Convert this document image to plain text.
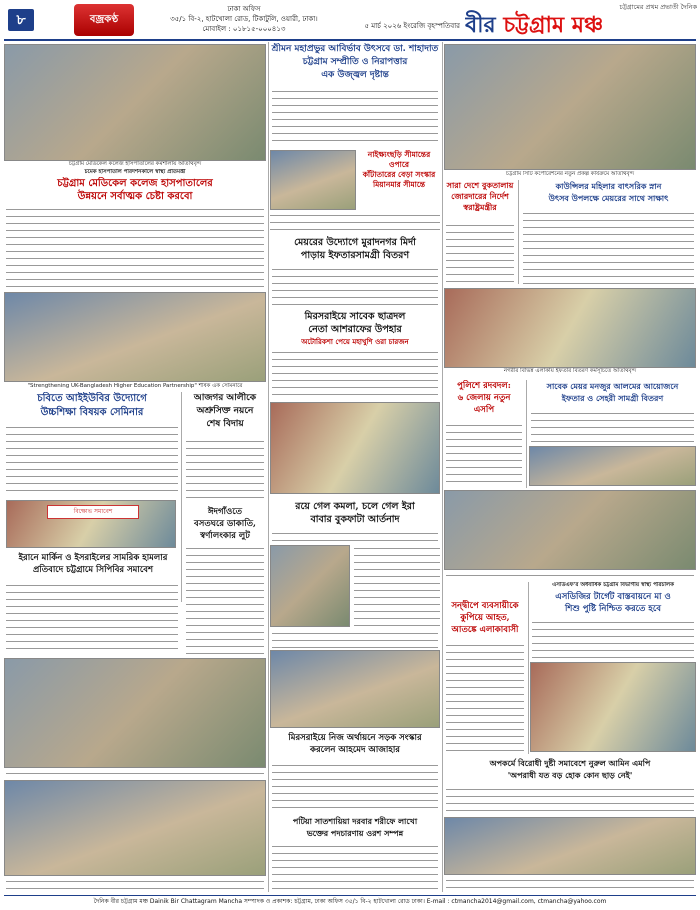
৮	বজ্রকণ্ঠ
ঢাকা অফিস
৩৫/১ বি-২, হাটখোলা রোড, টিকাটুলি, ওয়ারী, ঢাকা।
মোবাইল : ০১৮১৫-০০০৪১৩	৫ মার্চ ২০২৬ ইংরেজি বৃহস্পতিবার
চট্টগ্রামের প্রথম প্রভাতী দৈনিক
বীর চট্টগ্রাম মঞ্চ
চট্টগ্রাম মেডিকেল কলেজ হাসপাতালের কর্মশালায় অতিথিবৃন্দ
চমেক হাসপাতাল পরিদর্শনকালে স্বাস্থ্য প্রতিমন্ত্রী
চট্টগ্রাম মেডিকেল কলেজ হাসপাতালের
উন্নয়নে সর্বাত্মক চেষ্টা করবো
"Strengthening UK-Bangladesh Higher Education Partnership" শীর্ষক এক সেমিনারে
চবিতে আইইউবির উদ্যোগে
উচ্চশিক্ষা বিষয়ক সেমিনার
আজগর আলীকে
অশ্রুসিক্ত নয়নে
শেষ বিদায়
বিক্ষোভ সমাবেশ	ঈদগাঁওতে
বসতঘরে ডাকাতি,
স্বর্ণালংকার লুট
ইরানে মার্কিন ও ইসরাইলের সামরিক হামলার
প্রতিবাদে চট্টগ্রামে সিপিবির সমাবেশ
শ্রীমন মহাপ্রভুর আবির্ভাব উৎসবে ডা. শাহাদাত
চট্টগ্রাম সম্প্রীতি ও নিরাপত্তার
এক উজ্জ্বল দৃষ্টান্ত
নাইক্ষ্যংছড়ি সীমান্তের ওপারে
কাঁটাতারের বেড়া সংস্কার
মিয়ানমার সীমান্তে
মেয়রের উদ্যোগে মুরাদনগর মির্দা
পাড়ায় ইফতারসামগ্রী বিতরণ
মিরসরাইয়ে সাবেক ছাত্রদল
নেতা আশরাফের উপহার
অটোরিকশা পেয়ে মহাখুশি ওরা চারজন
রয়ে গেল কমলা, চলে গেল ইরা
বাবার বুকফাটা আর্তনাদ
মিরসরাইয়ে নিজ অর্থায়নে সড়ক সংস্কার
করলেন আহমেদ আজাহার
পটিয়া সাতশায়িয়া দরবার শরীফে লাখো
ভক্তের পদচারণায় ওরশ সম্পন্ন
চট্টগ্রাম সিটি কর্পোরেশনের নতুন প্রকল্প কার্যক্রমে অতিথিবৃন্দ
সারা দেশে বুকতালায়
জোরদারের নির্দেশ
স্বরাষ্ট্রমন্ত্রীর
কাউন্সিলর মহিলার বাৎসরিক স্নান
উৎসব উপলক্ষে মেয়রের সাথে সাক্ষাৎ
নগরীর বিভিন্ন এলাকায় ইফতার বিতরণ কর্মসূচিতে অতিথিবৃন্দ
পুলিশে রদবদল:
৬ জেলায় নতুন
এসপি
সাবেক মেয়র মনজুর আলমের আয়োজনে
ইফতার ও সেহরী সামগ্রী বিতরণ
সন্দ্বীপে ব্যবসায়ীকে
কুপিয়ে আহত,
আতঙ্কে এলাকাবাসী
এসডিএফ'র অর্ধবার্ষিক চট্টগ্রাম বিভাগীয় স্বাস্থ্য পরিচালক
এসডিজির টার্গেট বাস্তবায়নে মা ও
শিশু পুষ্টি নিশ্চিত করতে হবে
অপকর্মে বিরোধী দুষ্টী সমাবেশে নুরুল আমিন এমপি
'অপরাধী যত বড় হোক কোন ছাড় নেই'
দৈনিক বীর চট্টগ্রাম মঞ্চ Dainik Bir Chattagram Mancha সম্পাদক ও প্রকাশক: চট্টগ্রাম, ঢাকা অফিস ৩৫/১ বি-২ হাটখোলা রোড ঢাকা। E-mail : ctmancha2014@gmail.com, ctmancha@yahoo.com
